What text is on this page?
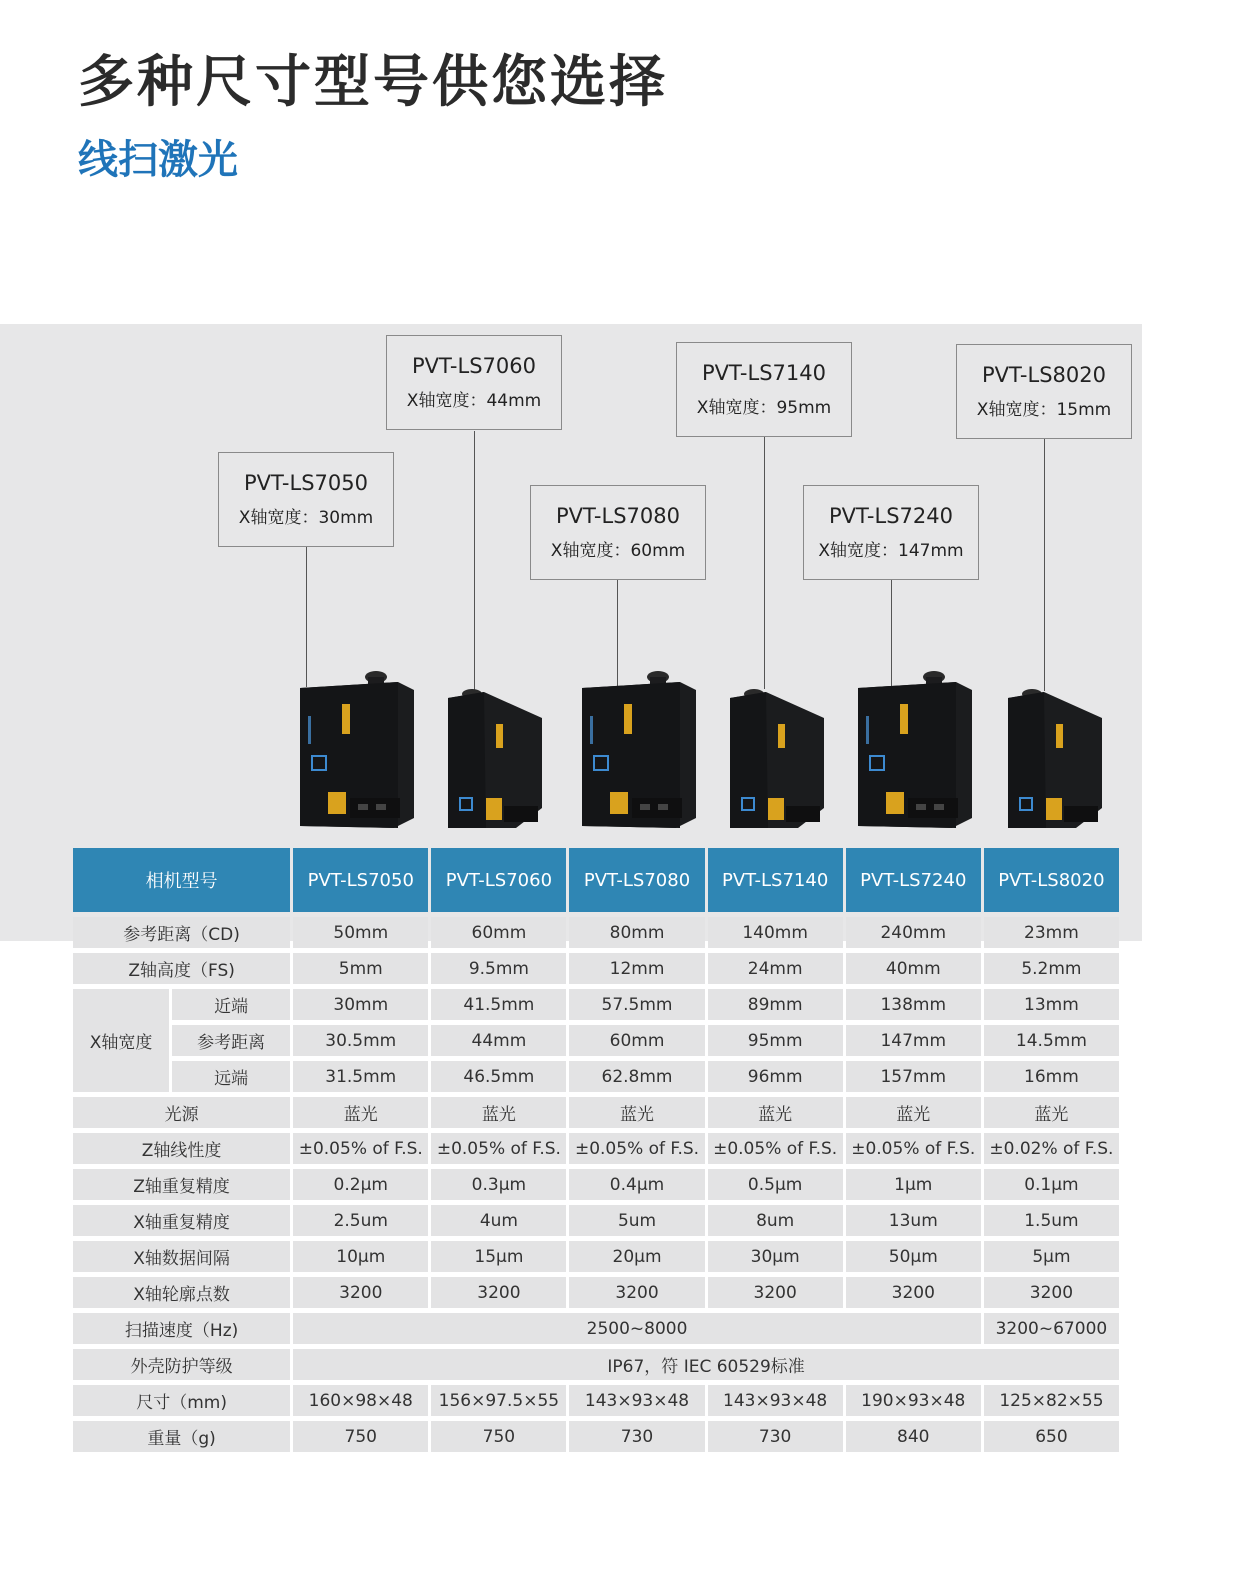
多种尺寸型号供您选择
线扫激光
PVT-LS7050
X轴宽度：30mm
PVT-LS7060
X轴宽度：44mm
PVT-LS7080
X轴宽度：60mm
PVT-LS7140
X轴宽度：95mm
PVT-LS7240
X轴宽度：147mm
PVT-LS8020
X轴宽度：15mm
相机型号		PVT-LS7050	PVT-LS7060	PVT-LS7080	PVT-LS7140	PVT-LS7240	PVT-LS8020
参考距离（CD)		50mm	60mm	80mm	140mm	240mm	23mm
Z轴高度（FS)		5mm	9.5mm	12mm	24mm	40mm	5.2mm
X轴宽度	近端	30mm	41.5mm	57.5mm	89mm	138mm	13mm
	参考距离	30.5mm	44mm	60mm	95mm	147mm	14.5mm
	远端	31.5mm	46.5mm	62.8mm	96mm	157mm	16mm
光源		蓝光	蓝光	蓝光	蓝光	蓝光	蓝光
Z轴线性度		±0.05% of F.S.	±0.05% of F.S.	±0.05% of F.S.	±0.05% of F.S.	±0.05% of F.S.	±0.02% of F.S.
Z轴重复精度		0.2μm	0.3μm	0.4μm	0.5μm	1μm	0.1μm
X轴重复精度		2.5um	4um	5um	8um	13um	1.5um
X轴数据间隔		10μm	15μm	20μm	30μm	50μm	5μm
X轴轮廓点数		3200	3200	3200	3200	3200	3200
扫描速度（Hz)		2500~8000					3200~67000
外壳防护等级		IP67，符 IEC 60529标准					
尺寸（mm)		160×98×48	156×97.5×55	143×93×48	143×93×48	190×93×48	125×82×55
重量（g)		750	750	730	730	840	650
